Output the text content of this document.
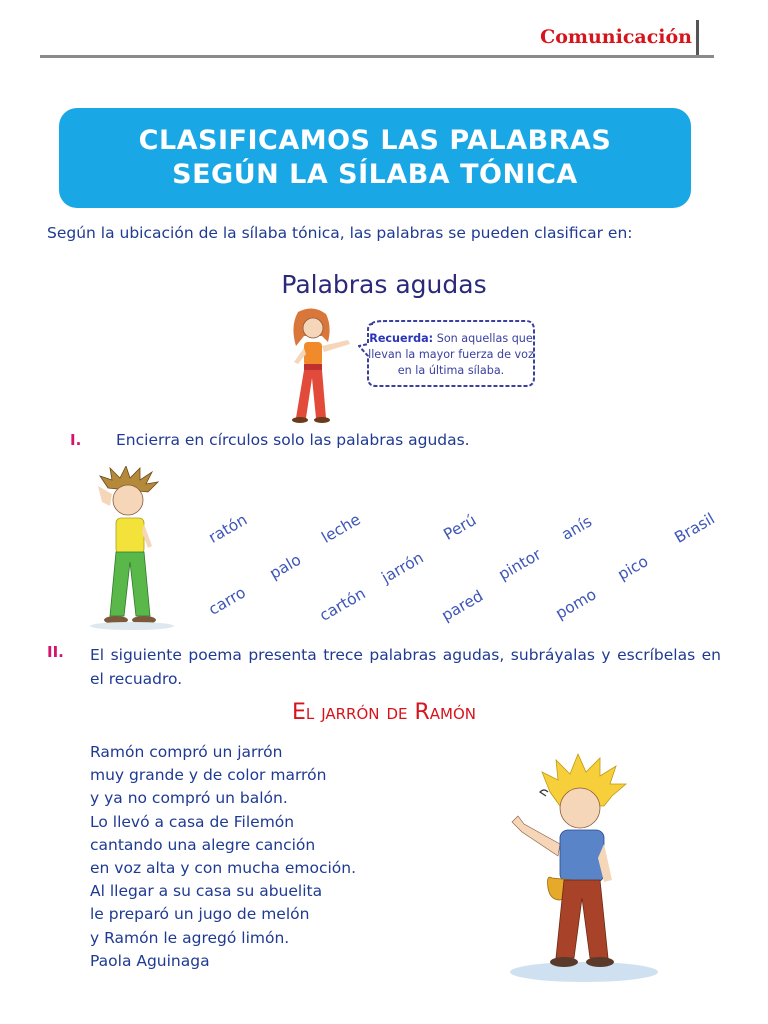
Comunicación
CLASIFICAMOS LAS PALABRAS
SEGÚN LA SÍLABA TÓNICA
Según la ubicación de la sílaba tónica, las palabras se pueden clasificar en:
Palabras agudas
Recuerda: Son aquellas que llevan la mayor fuerza de voz en la última sílaba.
I. Encierra en círculos solo las palabras agudas.
ratón
carro
palo
leche
cartón
jarrón
Perú
pared
pintor
anís
pomo
pico
Brasil
II. El siguiente poema presenta trece palabras agudas, subráyalas y escríbelas en el recuadro.
El jarrón de Ramón
Ramón compró un jarrón
muy grande y de color marrón
y ya no compró un balón.
Lo llevó a casa de Filemón
cantando una alegre canción
en voz alta y con mucha emoción.
Al llegar a su casa su abuelita
le preparó un jugo de melón
y Ramón le agregó limón.
Paola Aguinaga
